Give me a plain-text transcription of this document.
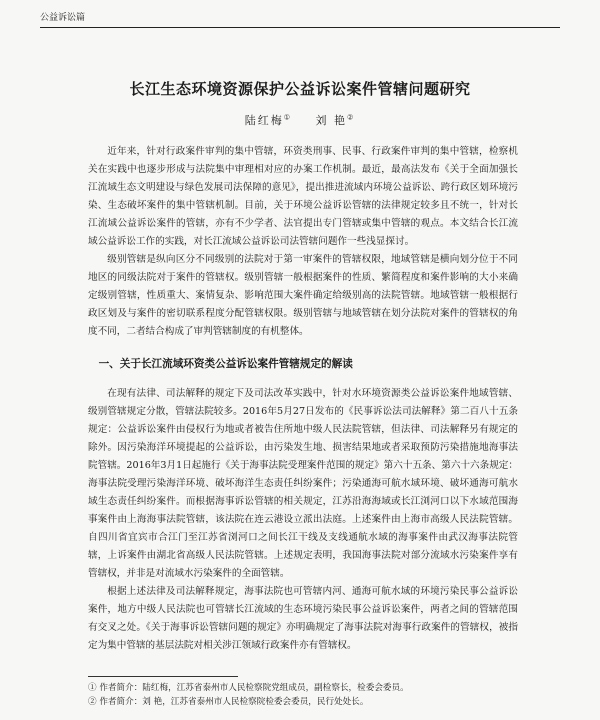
公益诉讼篇
长江生态环境资源保护公益诉讼案件管辖问题研究
陆红梅① 刘 艳②

近年来，针对行政案件审判的集中管辖，环资类刑事、民事、行政案件审判的集中管辖，检察机关在实践中也逐步形成与法院集中审理相对应的办案工作机制。最近，最高法发布《关于全面加强长江流域生态文明建设与绿色发展司法保障的意见》，提出推进流域内环境公益诉讼、跨行政区划环境污染、生态破坏案件的集中管辖机制。目前，关于环境公益诉讼管辖的法律规定较多且不统一，针对长江流域公益诉讼案件的管辖，亦有不少学者、法官提出专门管辖或集中管辖的观点。本文结合长江流域公益诉讼工作的实践，对长江流域公益诉讼司法管辖问题作一些浅显探讨。

级别管辖是纵向区分不同级别的法院对于第一审案件的管辖权限，地域管辖是横向划分位于不同地区的同级法院对于案件的管辖权。级别管辖一般根据案件的性质、繁简程度和案件影响的大小来确定级别管辖，性质重大、案情复杂、影响范围大案件确定给级别高的法院管辖。地域管辖一般根据行政区划及与案件的密切联系程度分配管辖权限。级别管辖与地域管辖在划分法院对案件的管辖权的角度不同，二者结合构成了审判管辖制度的有机整体。

一、关于长江流域环资类公益诉讼案件管辖规定的解读

在现有法律、司法解释的规定下及司法改革实践中，针对水环境资源类公益诉讼案件地域管辖、级别管辖规定分散，管辖法院较多。2016年5月27日发布的《民事诉讼法司法解释》第二百八十五条规定：公益诉讼案件由侵权行为地或者被告住所地中级人民法院管辖，但法律、司法解释另有规定的除外。因污染海洋环境提起的公益诉讼，由污染发生地、损害结果地或者采取预防污染措施地海事法院管辖。2016年3月1日起施行《关于海事法院受理案件范围的规定》第六十五条、第六十六条规定：海事法院受理污染海洋环境、破坏海洋生态责任纠纷案件；污染通海可航水域环境、破坏通海可航水域生态责任纠纷案件。而根据海事诉讼管辖的相关规定，江苏沿海海域或长江浏河口以下水域范围海事案件由上海海事法院管辖，该法院在连云港设立派出法庭。上述案件由上海市高级人民法院管辖。自四川省宜宾市合江门至江苏省浏河口之间长江干线及支线通航水域的海事案件由武汉海事法院管辖，上诉案件由湖北省高级人民法院管辖。上述规定表明，我国海事法院对部分流域水污染案件享有管辖权，并非是对流域水污染案件的全面管辖。

根据上述法律及司法解释规定，海事法院也可管辖内河、通海可航水域的环境污染民事公益诉讼案件，地方中级人民法院也可管辖长江流域的生态环境污染民事公益诉讼案件，两者之间的管辖范围有交叉之处。《关于海事诉讼管辖问题的规定》亦明确规定了海事法院对海事行政案件的管辖权，被指定为集中管辖的基层法院对相关涉江领域行政案件亦有管辖权。

① 作者简介：陆红梅，江苏省泰州市人民检察院党组成员，副检察长，检委会委员。
② 作者简介：刘 艳，江苏省泰州市人民检察院检委会委员，民行处处长。
